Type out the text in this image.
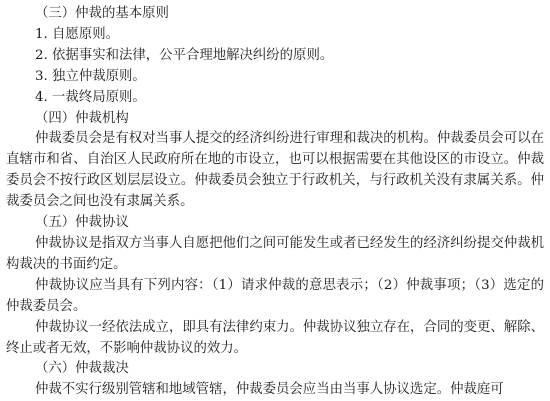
（三）仲裁的基本原则
1. 自愿原则。
2. 依据事实和法律，公平合理地解决纠纷的原则。
3. 独立仲裁原则。
4. 一裁终局原则。
（四）仲裁机构

仲裁委员会是有权对当事人提交的经济纠纷进行审理和裁决的机构。仲裁委员会可以在直辖市和省、自治区人民政府所在地的市设立，也可以根据需要在其他设区的市设立。仲裁委员会不按行政区划层层设立。仲裁委员会独立于行政机关，与行政机关没有隶属关系。仲裁委员会之间也没有隶属关系。

（五）仲裁协议

仲裁协议是指双方当事人自愿把他们之间可能发生或者已经发生的经济纠纷提交仲裁机构裁决的书面约定。

仲裁协议应当具有下列内容：（1）请求仲裁的意思表示；（2）仲裁事项；（3）选定的仲裁委员会。

仲裁协议一经依法成立，即具有法律约束力。仲裁协议独立存在，合同的变更、解除、终止或者无效，不影响仲裁协议的效力。

（六）仲裁裁决

仲裁不实行级别管辖和地域管辖，仲裁委员会应当由当事人协议选定。仲裁庭可
